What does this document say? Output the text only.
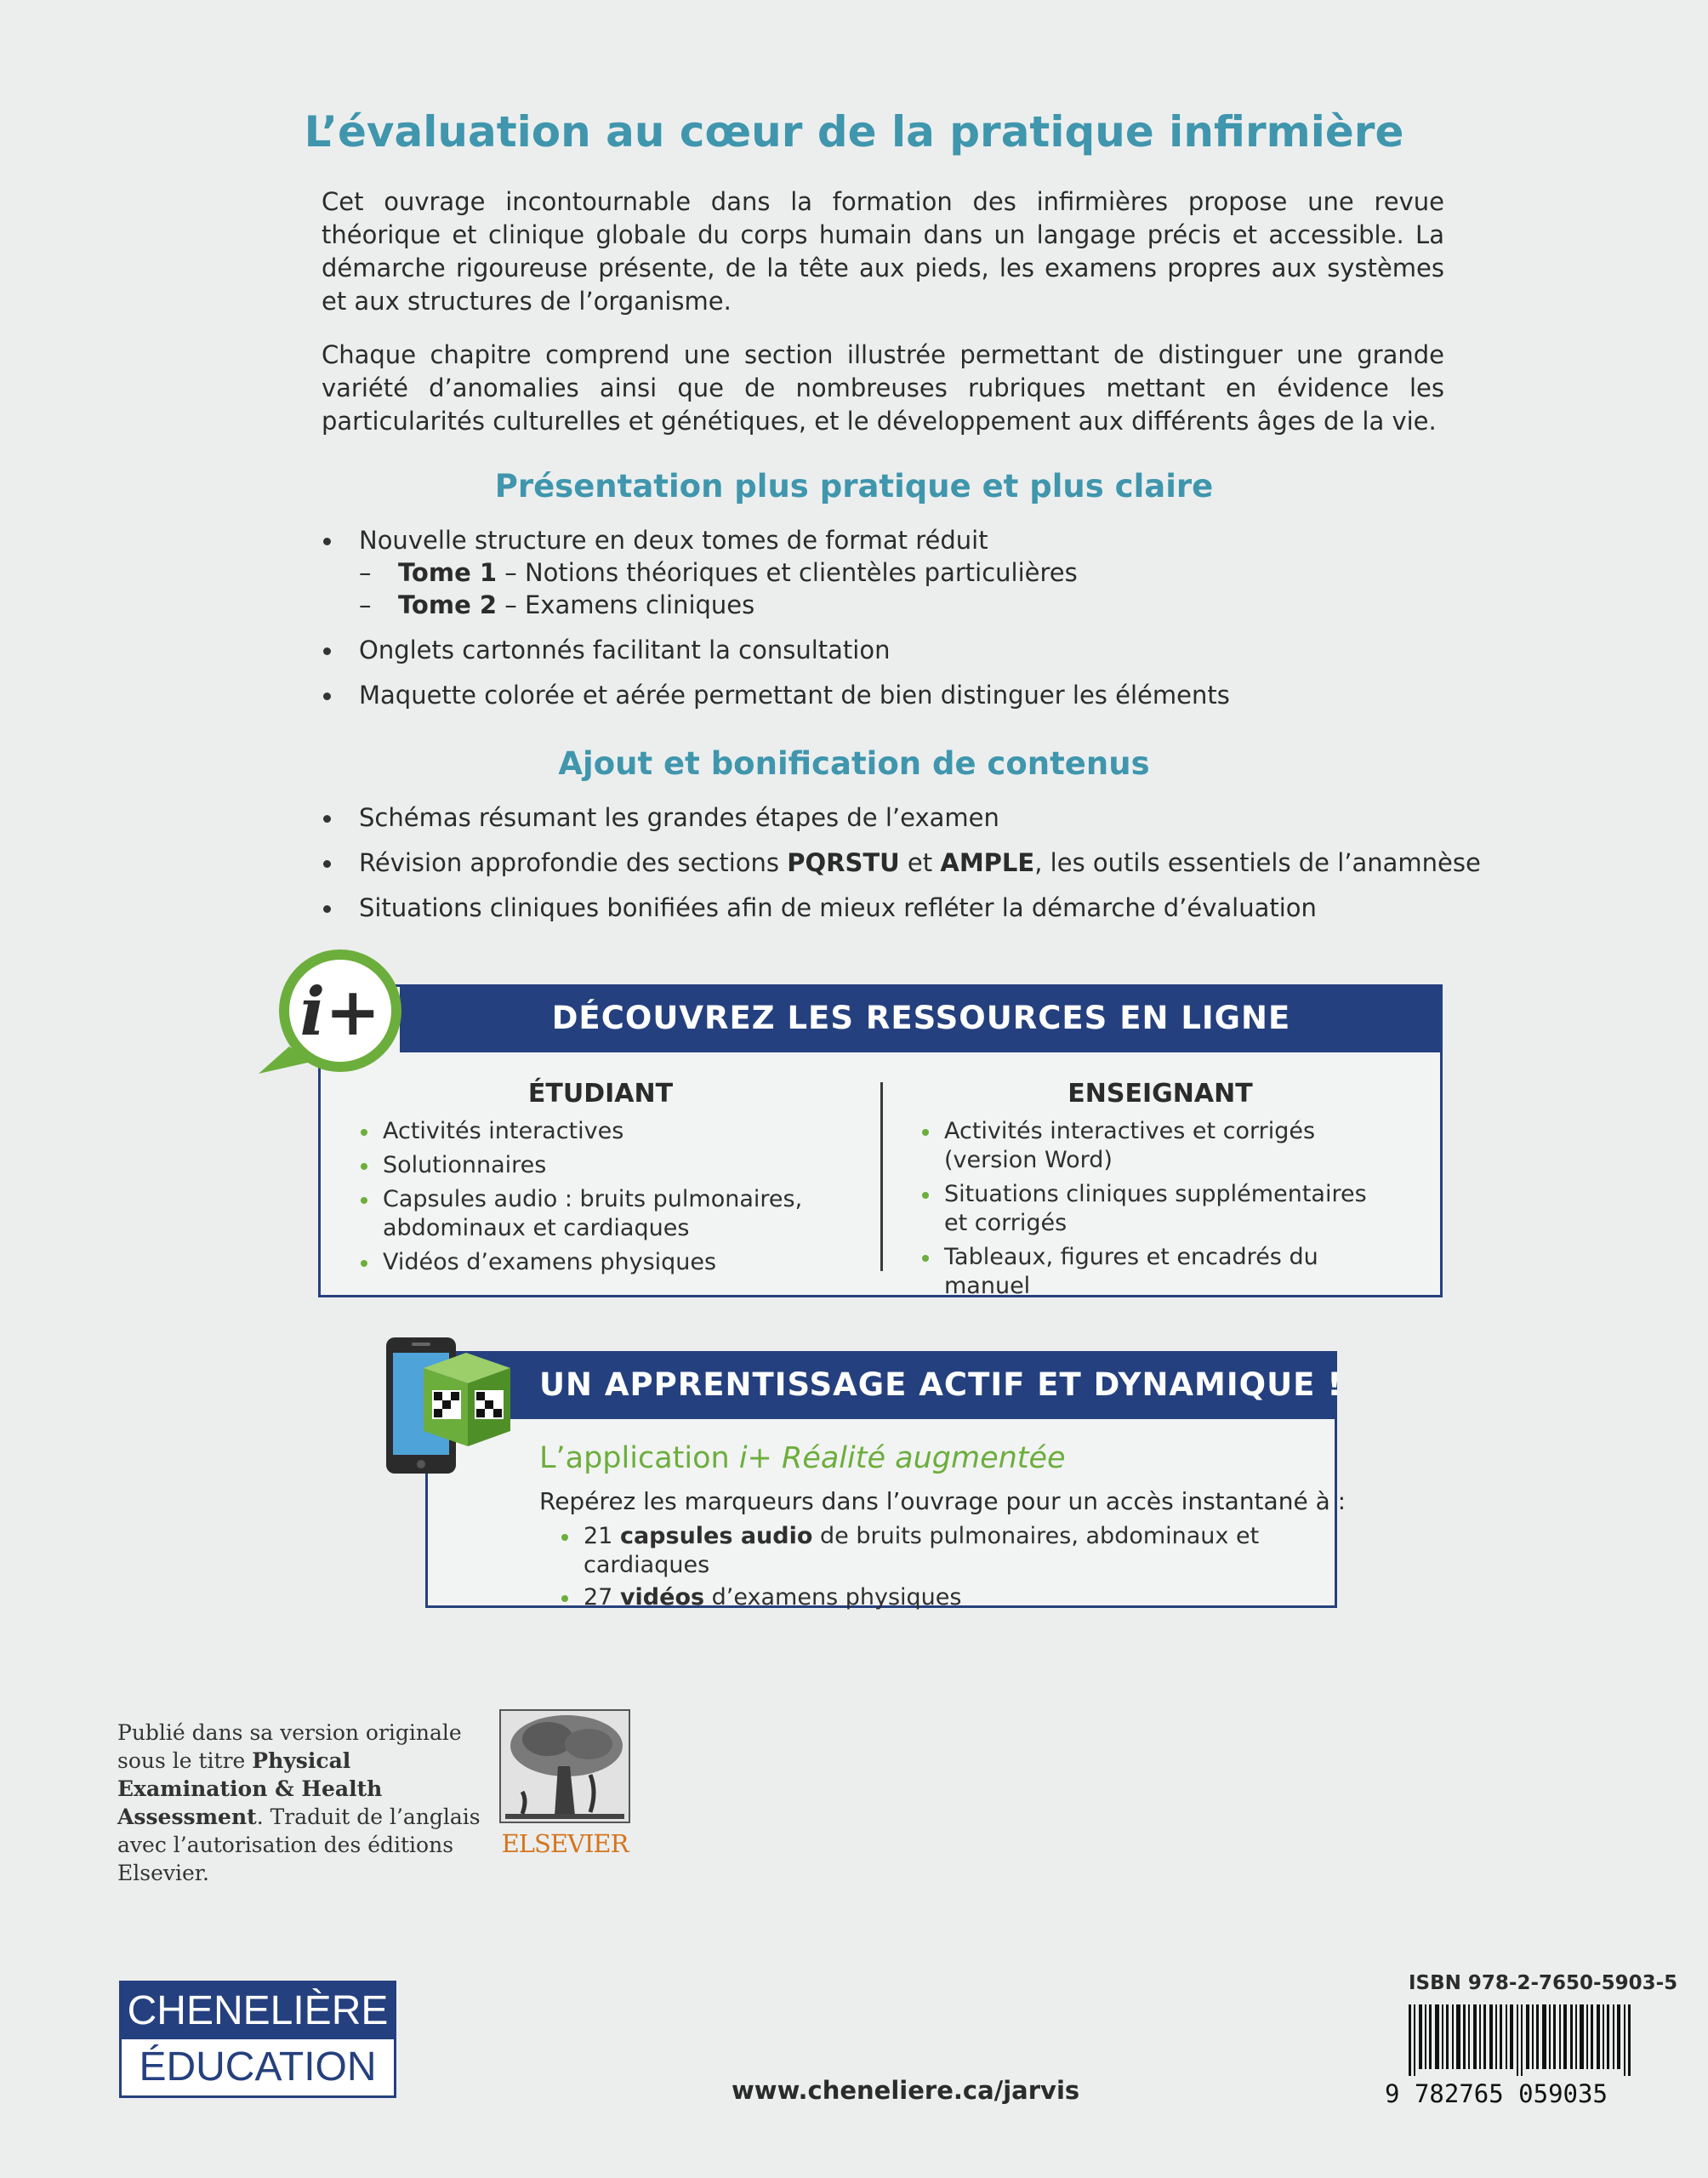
L’évaluation au cœur de la pratique infirmière
Cet ouvrage incontournable dans la formation des infirmières propose une revue théorique et clinique globale du corps humain dans un langage précis et accessible. La démarche rigoureuse présente, de la tête aux pieds, les examens propres aux systèmes et aux structures de l’organisme.
Chaque chapitre comprend une section illustrée permettant de distinguer une grande variété d’anomalies ainsi que de nombreuses rubriques mettant en évidence les particularités culturelles et génétiques, et le développement aux différents âges de la vie.
Présentation plus pratique et plus claire
Nouvelle structure en deux tomes de format réduit
– Tome 1 – Notions théoriques et clientèles particulières
– Tome 2 – Examens cliniques
Onglets cartonnés facilitant la consultation
Maquette colorée et aérée permettant de bien distinguer les éléments
Ajout et bonification de contenus
Schémas résumant les grandes étapes de l’examen
Révision approfondie des sections PQRSTU et AMPLE, les outils essentiels de l’anamnèse
Situations cliniques bonifiées afin de mieux refléter la démarche d’évaluation
DÉCOUVREZ LES RESSOURCES EN LIGNE
i+
ÉTUDIANT	ENSEIGNANT
Activités interactives
Solutionnaires
Capsules audio : bruits pulmonaires, abdominaux et cardiaques
Vidéos d’examens physiques
Activités interactives et corrigés (version Word)
Situations cliniques supplémentaires et corrigés
Tableaux, figures et encadrés du manuel
UN APPRENTISSAGE ACTIF ET DYNAMIQUE !
L’application i+ Réalité augmentée
Repérez les marqueurs dans l’ouvrage pour un accès instantané à :
21 capsules audio de bruits pulmonaires, abdominaux et cardiaques
27 vidéos d’examens physiques
Publié dans sa version originale sous le titre Physical Examination & Health Assessment. Traduit de l’anglais avec l’autorisation des éditions Elsevier.
ELSEVIER
CHENELIÈRE
ÉDUCATION
www.cheneliere.ca/jarvis
ISBN 978-2-7650-5903-5
9 782765 059035
